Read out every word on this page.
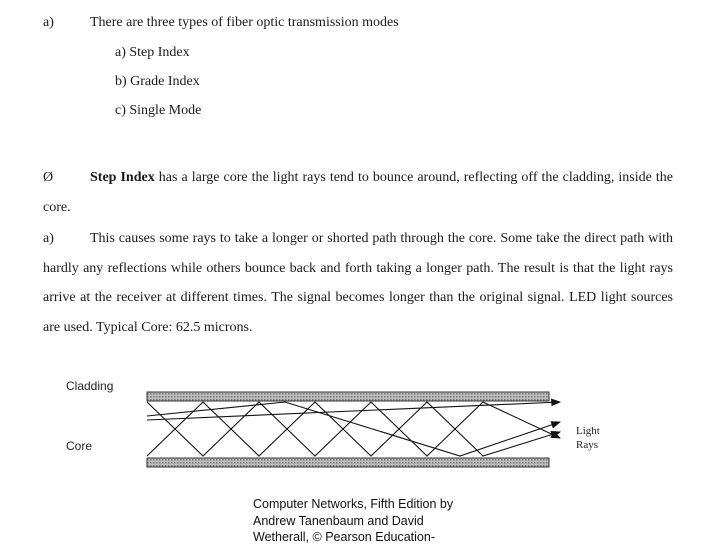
a)	There are three types of fiber optic transmission modes
a) Step Index
b) Grade Index
c) Single Mode
Ø	Step Index has a large core the light rays tend to bounce around, reflecting off the cladding, inside the core.
a)	This causes some rays to take a longer or shorted path through the core. Some take the direct path with hardly any reflections while others bounce back and forth taking a longer path. The result is that the light rays arrive at the receiver at different times. The signal becomes longer than the original signal. LED light sources are used. Typical Core: 62.5 microns.
Cladding
Core
Light
Rays
Computer Networks, Fifth Edition by
Andrew Tanenbaum and David
Wetherall, © Pearson Education-
